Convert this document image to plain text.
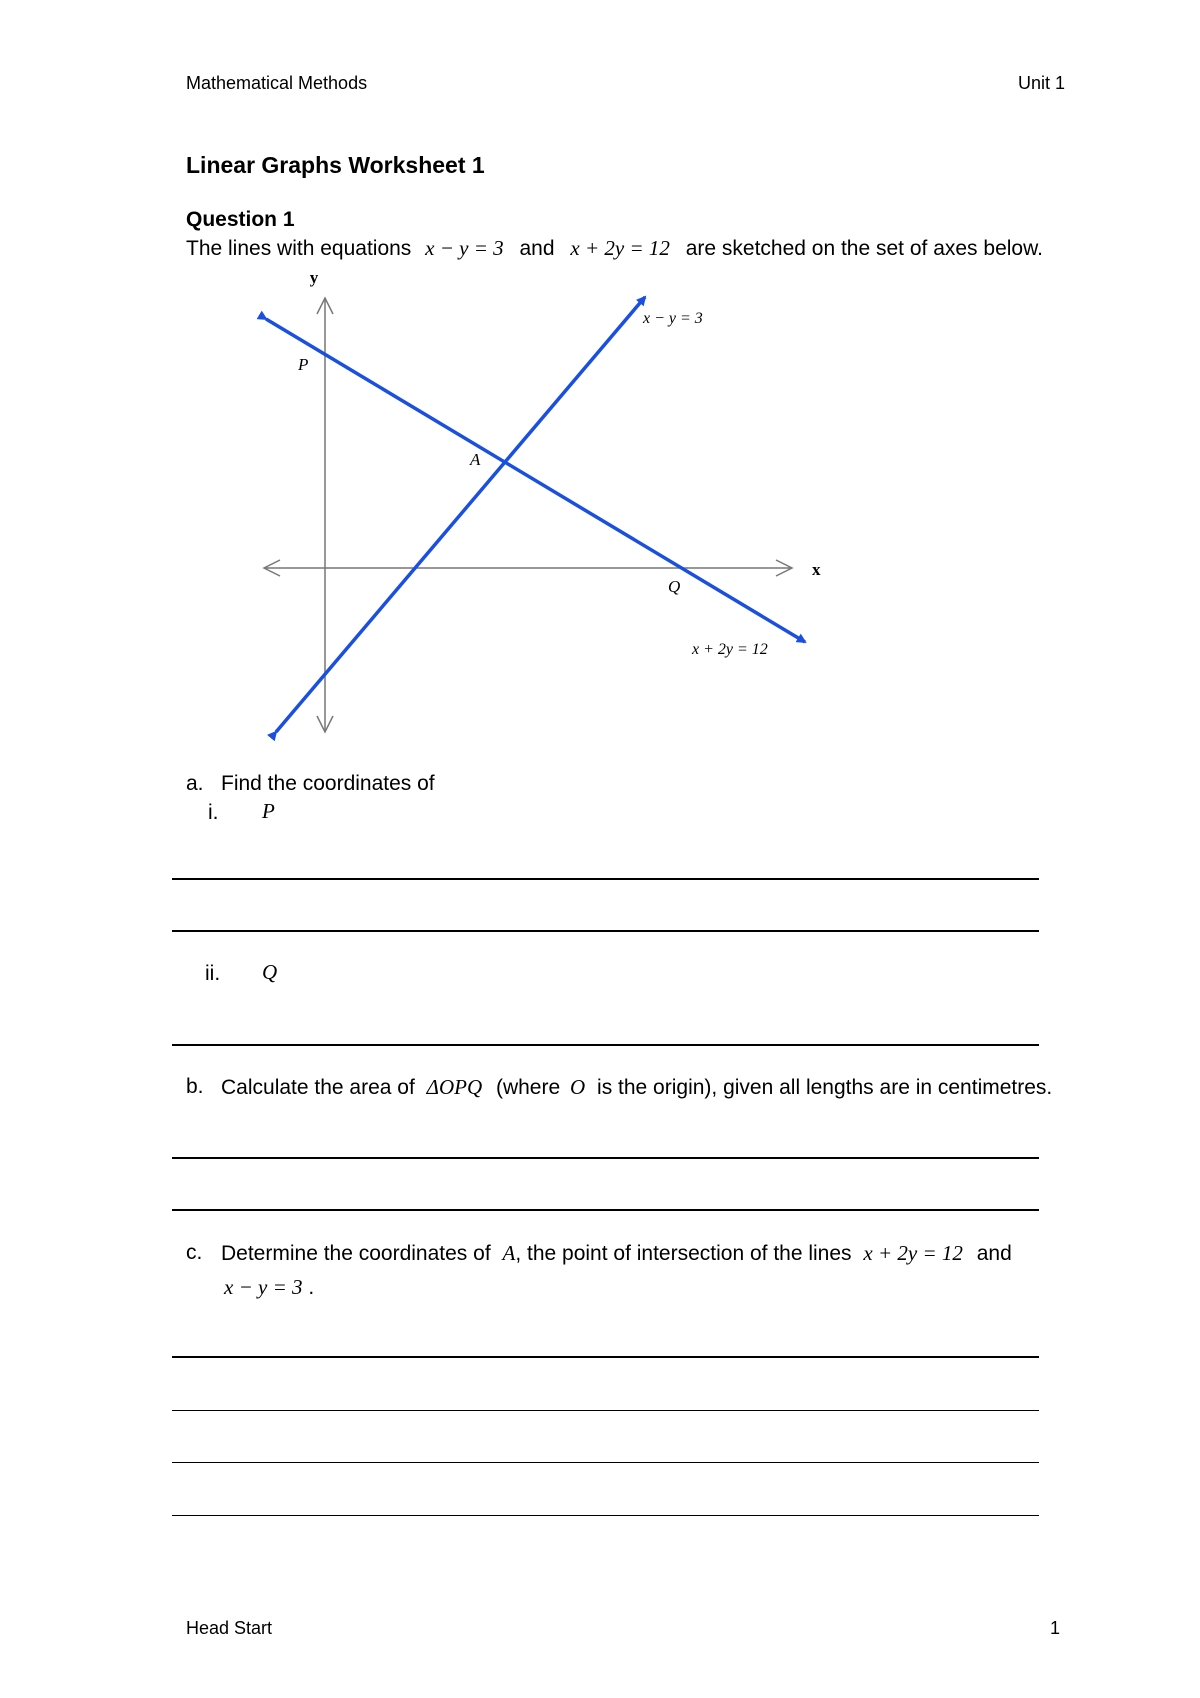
Mathematical Methods	Unit 1
Linear Graphs Worksheet 1
Question 1
The lines with equations x − y = 3 and x + 2y = 12 are sketched on the set of axes below.
y
x
P
A
Q
x − y = 3
x + 2y = 12
a. Find the coordinates of
i. P
ii. Q
b. Calculate the area of ΔOPQ (where O is the origin), given all lengths are in centimetres.
c. Determine the coordinates of A, the point of intersection of the lines x + 2y = 12 and
x − y = 3 .
Head Start	1
